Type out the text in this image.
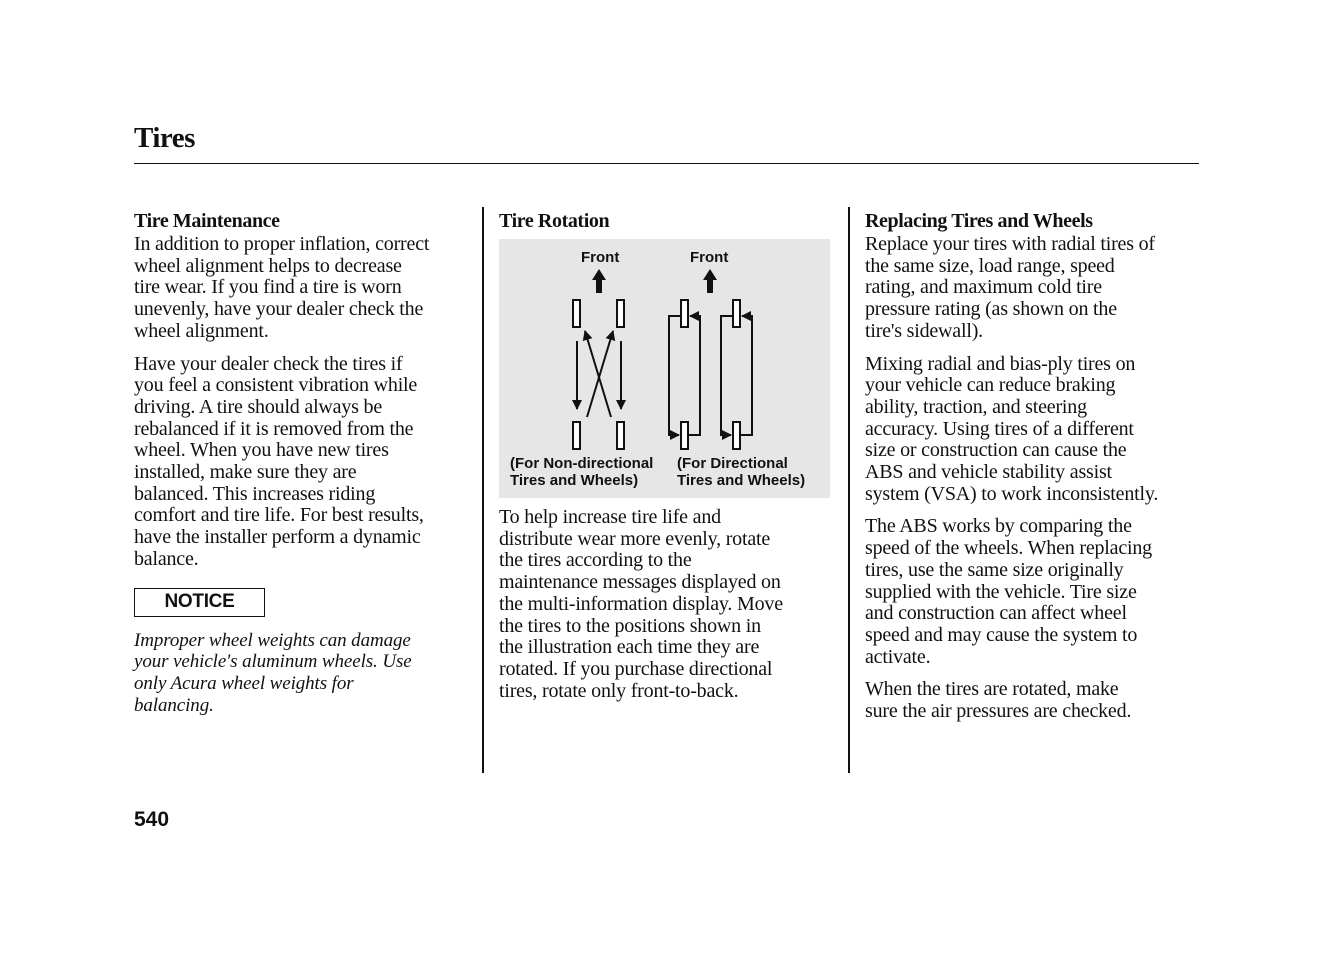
Tires

Tire Maintenance

In addition to proper inflation, correct
wheel alignment helps to decrease
tire wear. If you find a tire is worn
unevenly, have your dealer check the
wheel alignment.

Have your dealer check the tires if
you feel a consistent vibration while
driving. A tire should always be
rebalanced if it is removed from the
wheel. When you have new tires
installed, make sure they are
balanced. This increases riding
comfort and tire life. For best results,
have the installer perform a dynamic
balance.

NOTICE
Improper wheel weights can damage
your vehicle's aluminum wheels. Use
only Acura wheel weights for
balancing.

Tire Rotation

Front	Front
(For Non-directional
Tires and Wheels)
(For Directional
Tires and Wheels)

To help increase tire life and
distribute wear more evenly, rotate
the tires according to the
maintenance messages displayed on
the multi-information display. Move
the tires to the positions shown in
the illustration each time they are
rotated. If you purchase directional
tires, rotate only front-to-back.

Replacing Tires and Wheels

Replace your tires with radial tires of
the same size, load range, speed
rating, and maximum cold tire
pressure rating (as shown on the
tire's sidewall).

Mixing radial and bias-ply tires on
your vehicle can reduce braking
ability, traction, and steering
accuracy. Using tires of a different
size or construction can cause the
ABS and vehicle stability assist
system (VSA) to work inconsistently.

The ABS works by comparing the
speed of the wheels. When replacing
tires, use the same size originally
supplied with the vehicle. Tire size
and construction can affect wheel
speed and may cause the system to
activate.

When the tires are rotated, make
sure the air pressures are checked.

540
